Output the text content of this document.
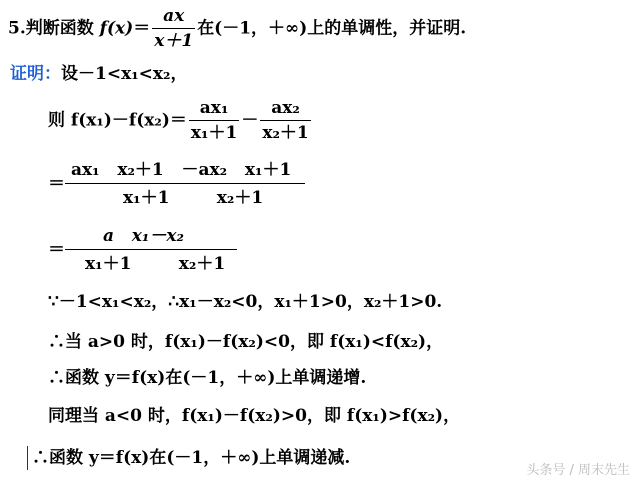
5.判断函数 $f(x)= \frac{ax}{x+1}$ 在(－1，＋∞)上的单调性，并证明.
证明：设－1<x₁<x₂，
则 $f(x_1)-f(x_2)= \frac{\text{ax₁}}{\text{x₁＋1}} - \frac{\text{ax₂}}{\text{x₂＋1}}$
＝ $\frac{\text{ax₁   x₂＋1   －ax₂   x₁＋1}}{\text{x₁＋1        x₂＋1}}$
＝ $\frac{\text{a   x₁－x₂}}{\text{x₁＋1        x₂＋1}}$
∵－1<x₁<x₂，∴x₁－x₂<0，x₁＋1>0，x₂＋1>0.
∴当 a>0 时，f(x₁)－f(x₂)<0，即 f(x₁)<f(x₂)，
∴函数 y＝f(x)在(－1，＋∞)上单调递增.
同理当 a<0 时，f(x₁)－f(x₂)>0，即 f(x₁)>f(x₂)，
∴函数 y＝f(x)在(－1，＋∞)上单调递减.
头条号 / 周末先生
